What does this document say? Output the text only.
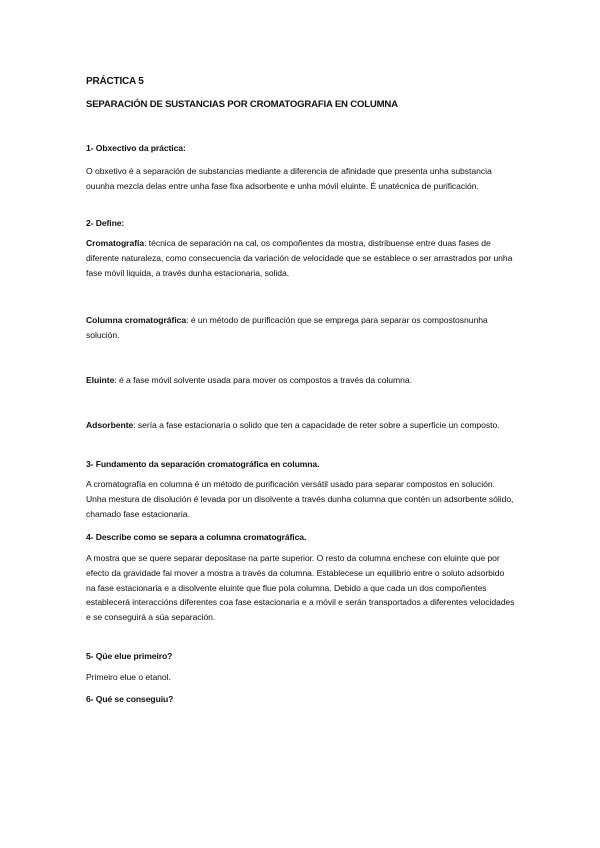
PRÁCTICA 5
SEPARACIÓN DE SUSTANCIAS POR CROMATOGRAFIA EN COLUMNA
1- Obxectivo da práctica:
O obxetivo é a separación de substancias mediante a diferencia de afinidade que presenta unha substancia ouunha mezcla delas entre unha fase fixa adsorbente e unha móvil eluinte. É unatécnica de purificación.
2- Define:
Cromatografía: técnica de separación na cal, os compoñentes da mostra, distribuense entre duas fases de diferente naturaleza, como consecuencia da variación de velocidade que se establece o ser arrastrados por unha fase móvil liquida, a través dunha estacionaria, solida.
Columna cromatográfica: é un método de purificación que se emprega para separar os compostosnunha solución.
Eluinte: é a fase móvil solvente usada para mover os compostos a través da columna.
Adsorbente: sería a fase estacionaria o solido que ten a capacidade de reter sobre a superficie un composto.
3- Fundamento da separación cromatográfica en columna.
A cromatografía en columna é un método de purificación versátil usado para separar compostos en solución. Unha mestura de disolución é levada por un disolvente a través dunha columna que contén un adsorbente sólido, chamado fase estacionaria.
4- Describe como se separa a columna cromatográfica.
A mostra que se quere separar depositase na parte superior. O resto da columna enchese con eluinte que por efecto da gravidade fai mover a mostra a través da columna. Establecese un equilibrio entre o soluto adsorbido na fase estacionaria e a disolvente eluinte que flue pola columna. Debido a que cada un dos compoñentes establecerá interaccións diferentes coa fase estacionaria e a móvil e serán transportados a diferentes velocidades e se conseguirá a súa separación.
5- Qúe elue primeiro?
Primeiro elue o etanol.
6- Qué se conseguiu?
